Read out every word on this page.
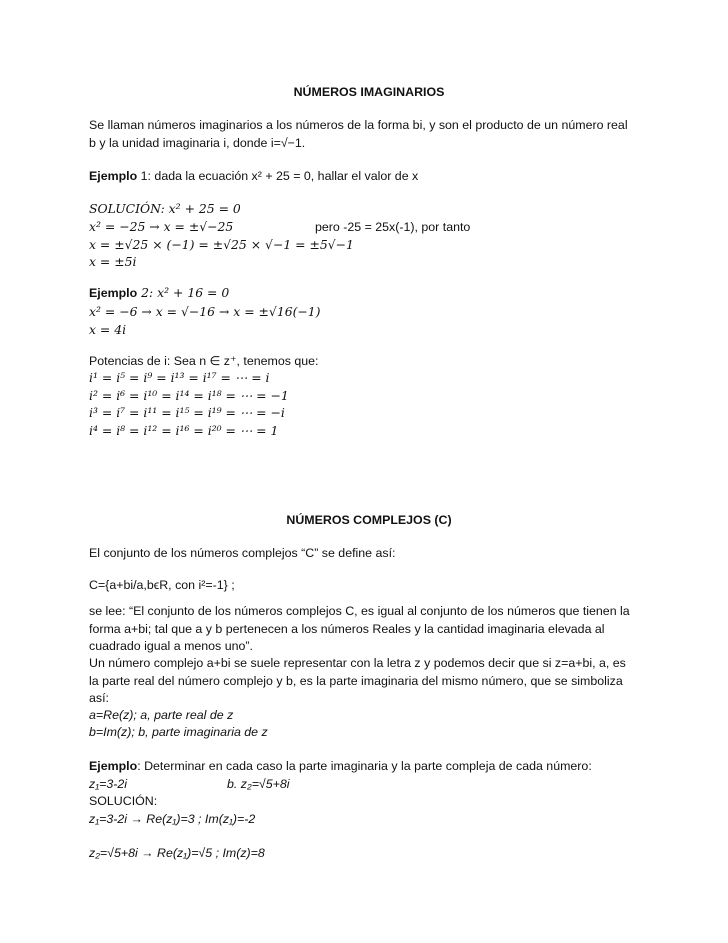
NÚMEROS IMAGINARIOS
Se llaman números imaginarios a los números de la forma bi, y son el producto de un número real
b y la unidad imaginaria i, donde i=√−1.
Ejemplo 1: dada la ecuación x² + 25 = 0, hallar el valor de x
SOLUCIÓN: x² + 25 = 0
x² = −25 → x = ±√−25	pero -25 = 25x(-1), por tanto
x = ±√25 × (−1) = ±√25 × √−1 = ±5√−1
x = ±5i
Ejemplo 2: x² + 16 = 0
x² = −6 → x = √−16 → x = ±√16(−1)
x = 4i
Potencias de i: Sea n ∈ z⁺, tenemos que:
i¹ = i⁵ = i⁹ = i¹³ = i¹⁷ = ⋯ = i
i² = i⁶ = i¹⁰ = i¹⁴ = i¹⁸ = ⋯ = −1
i³ = i⁷ = i¹¹ = i¹⁵ = i¹⁹ = ⋯ = −i
i⁴ = i⁸ = i¹² = i¹⁶ = i²⁰ = ⋯ = 1
NÚMEROS COMPLEJOS (C)
El conjunto de los números complejos “C” se define así:
C={a+bi/a,bϵR, con i²=-1} ;
se lee: “El conjunto de los números complejos C, es igual al conjunto de los números que tienen la forma a+bi; tal que a y b pertenecen a los números Reales y la cantidad imaginaria elevada al cuadrado igual a menos uno”.
Un número complejo a+bi se suele representar con la letra z y podemos decir que si z=a+bi, a, es la parte real del número complejo y b, es la parte imaginaria del mismo número, que se simboliza así:
a=Re(z); a, parte real de z
b=Im(z); b, parte imaginaria de z
Ejemplo: Determinar en cada caso la parte imaginaria y la parte compleja de cada número:
z₁=3-2i	b. z₂=√5+8i
SOLUCIÓN:
z₁=3-2i → Re(z₁)=3 ; Im(z₁)=-2
z₂=√5+8i → Re(z₁)=√5 ; Im(z)=8
